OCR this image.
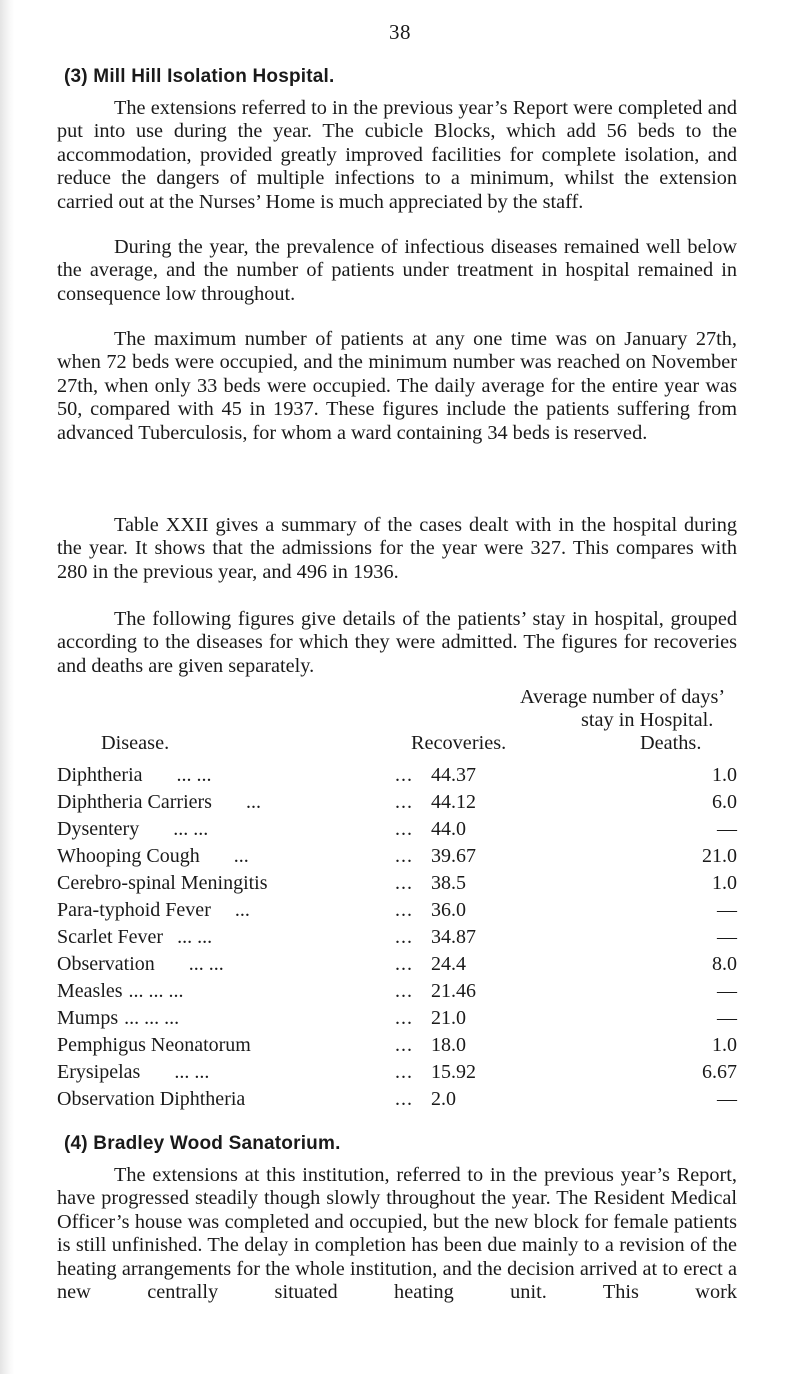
38
(3) Mill Hill Isolation Hospital.

The extensions referred to in the previous year’s Report were completed and put into use during the year. The cubicle Blocks, which add 56 beds to the accommodation, provided greatly improved facilities for complete isolation, and reduce the dangers of multiple infections to a minimum, whilst the extension carried out at the Nurses’ Home is much appreciated by the staff.

During the year, the prevalence of infectious diseases remained well below the average, and the number of patients under treatment in hospital remained in consequence low throughout.

The maximum number of patients at any one time was on January 27th, when 72 beds were occupied, and the minimum number was reached on November 27th, when only 33 beds were occupied. The daily average for the entire year was 50, compared with 45 in 1937. These figures include the patients suffering from advanced Tuberculosis, for whom a ward containing 34 beds is reserved.

Table XXII gives a summary of the cases dealt with in the hospital during the year. It shows that the admissions for the year were 327. This compares with 280 in the previous year, and 496 in 1936.

The following figures give details of the patients’ stay in hospital, grouped according to the diseases for which they were admitted. The figures for recoveries and deaths are given separately.

Average number of days’
stay in Hospital.
Disease.	Recoveries.	Deaths.
Diphtheria ... ...	... 44.37	1.0
Diphtheria Carriers ...	... 44.12	6.0
Dysentery ... ...	... 44.0	—
Whooping Cough ...	... 39.67	21.0
Cerebro-spinal Meningitis	... 38.5	1.0
Para-typhoid Fever ...	... 36.0	—
Scarlet Fever ... ...	... 34.87	—
Observation ... ...	... 24.4	8.0
Measles ... ... ...	... 21.46	—
Mumps ... ... ...	... 21.0	—
Pemphigus Neonatorum	... 18.0	1.0
Erysipelas ... ...	... 15.92	6.67
Observation Diphtheria	... 2.0	—
(4) Bradley Wood Sanatorium.

The extensions at this institution, referred to in the previous year’s Report, have progressed steadily though slowly throughout the year. The Resident Medical Officer’s house was completed and occupied, but the new block for female patients is still unfinished. The delay in completion has been due mainly to a revision of the heating arrangements for the whole institution, and the decision arrived at to erect a new centrally situated heating unit. This work
